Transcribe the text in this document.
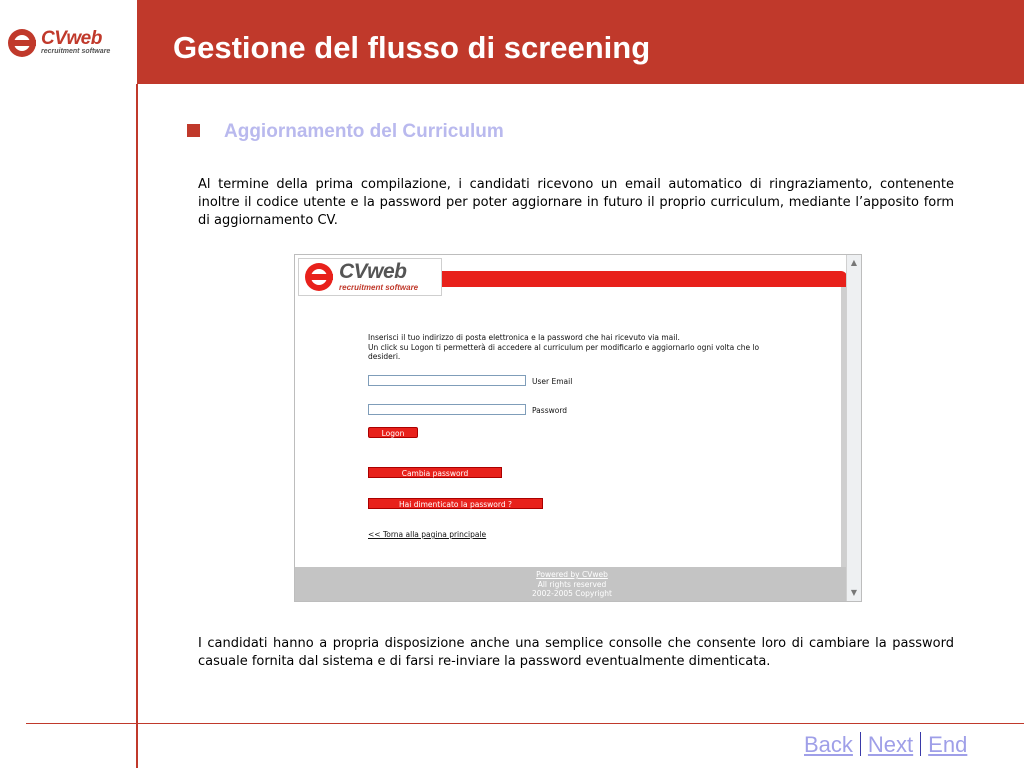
Gestione del flusso di screening
CVweb
recruitment software
Aggiornamento del Curriculum
Al termine della prima compilazione, i candidati ricevono un email automatico di ringraziamento, contenente inoltre il codice utente e la password per poter aggiornare in futuro il proprio curriculum, mediante l’apposito form di aggiornamento CV.
CVweb
recruitment software
Inserisci il tuo indirizzo di posta elettronica e la password che hai ricevuto via mail.
Un click su Logon ti permetterà di accedere al curriculum per modificarlo e aggiornarlo ogni volta che lo desideri.
User Email
Password
Logon
Cambia password
Hai dimenticato la password ?
<< Torna alla pagina principale
Powered by CVweb
All rights reserved
2002-2005 Copyright
▲
▼
I candidati hanno a propria disposizione anche una semplice consolle che consente loro di cambiare la password casuale fornita dal sistema e di farsi re-inviare la password eventualmente dimenticata.
Back Next End
